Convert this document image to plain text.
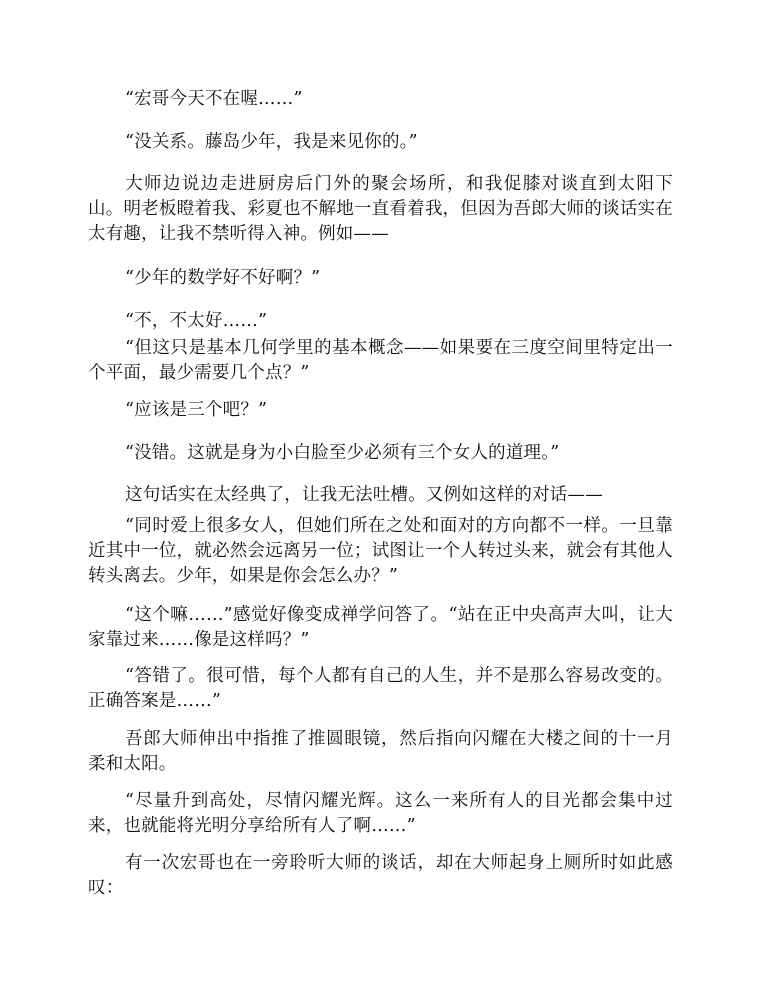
“宏哥今天不在喔……”

“没关系。藤岛少年，我是来见你的。”

大师边说边走进厨房后门外的聚会场所，和我促膝对谈直到太阳下山。明老板瞪着我、彩夏也不解地一直看着我，但因为吾郎大师的谈话实在太有趣，让我不禁听得入神。例如——

“少年的数学好不好啊？”

“不，不太好……”

“但这只是基本几何学里的基本概念——如果要在三度空间里特定出一个平面，最少需要几个点？”

“应该是三个吧？”

“没错。这就是身为小白脸至少必须有三个女人的道理。”

这句话实在太经典了，让我无法吐槽。又例如这样的对话——

“同时爱上很多女人，但她们所在之处和面对的方向都不一样。一旦靠近其中一位，就必然会远离另一位；试图让一个人转过头来，就会有其他人转头离去。少年，如果是你会怎么办？”

“这个嘛……”感觉好像变成禅学问答了。“站在正中央高声大叫，让大家靠过来……像是这样吗？”

“答错了。很可惜，每个人都有自己的人生，并不是那么容易改变的。正确答案是……”

吾郎大师伸出中指推了推圆眼镜，然后指向闪耀在大楼之间的十一月柔和太阳。

“尽量升到高处，尽情闪耀光辉。这么一来所有人的目光都会集中过来，也就能将光明分享给所有人了啊……”

有一次宏哥也在一旁聆听大师的谈话，却在大师起身上厕所时如此感叹：
